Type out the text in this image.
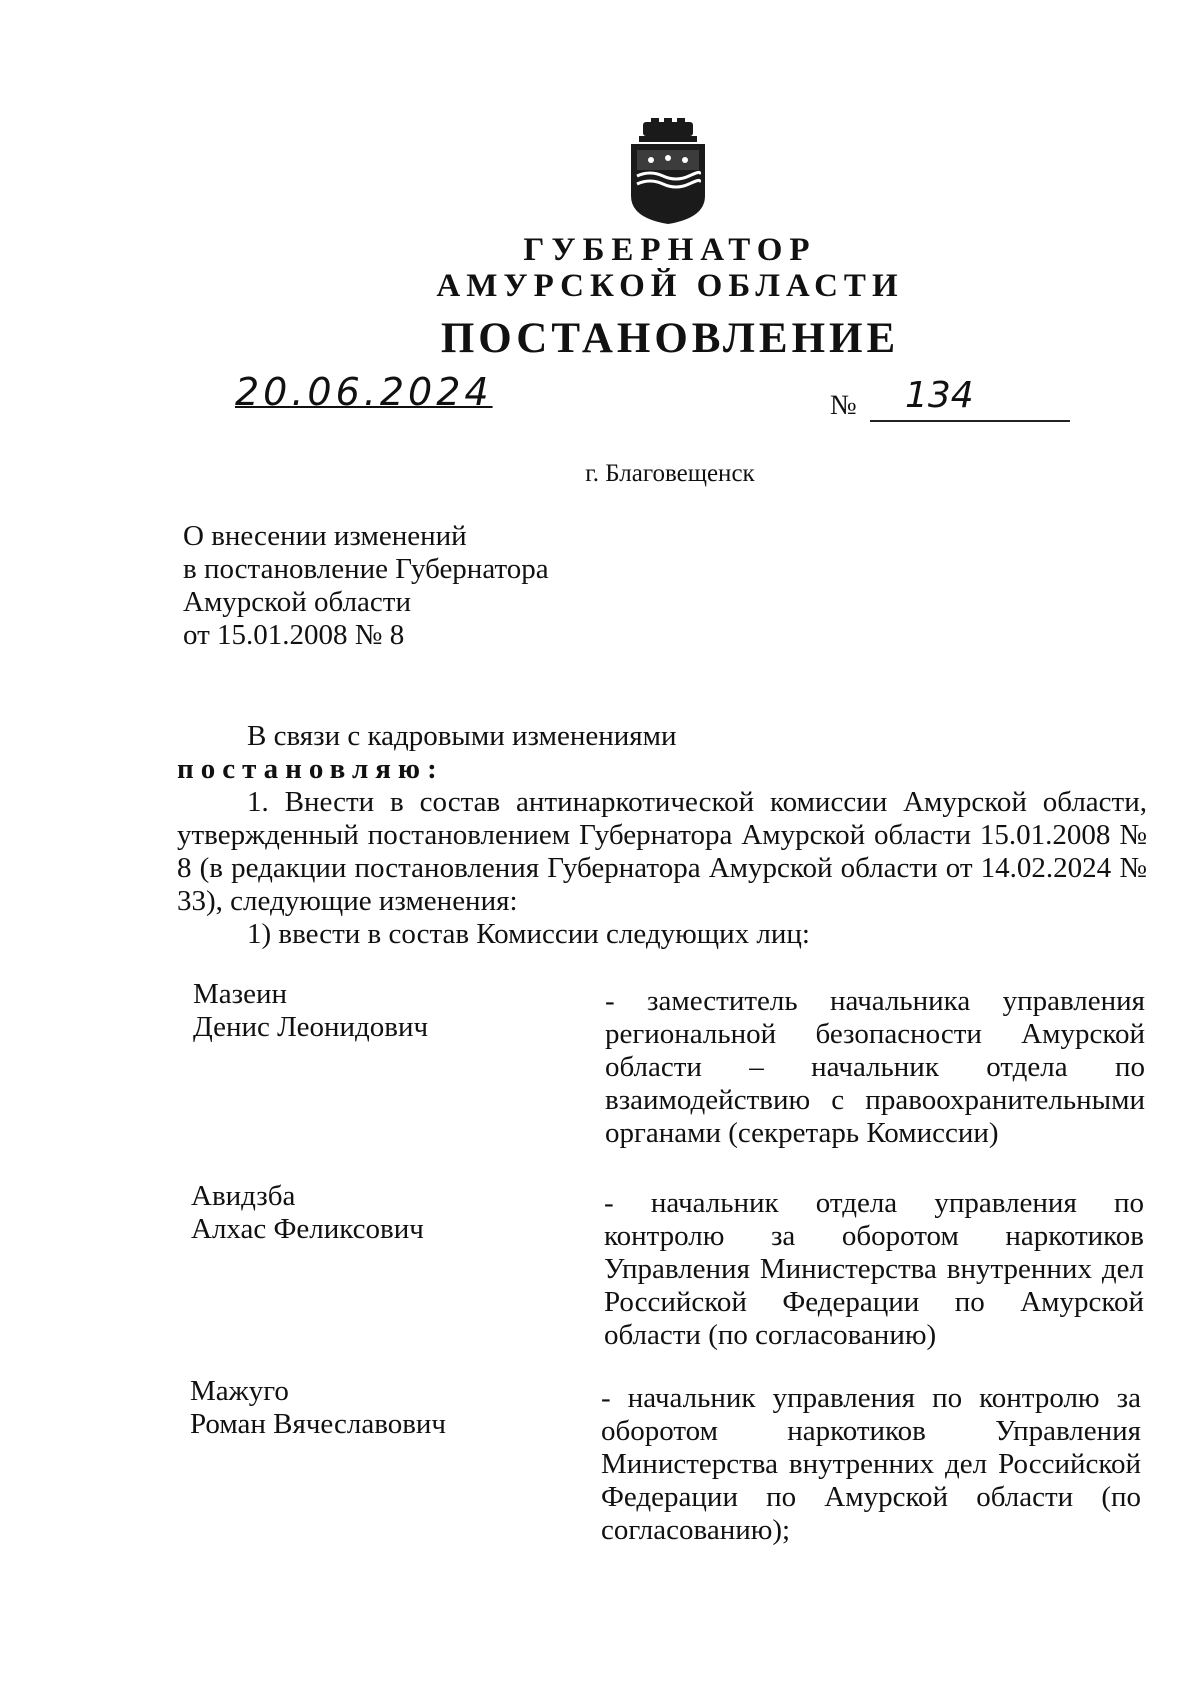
ГУБЕРНАТОР
АМУРСКОЙ ОБЛАСТИ
ПОСТАНОВЛЕНИЕ
20.06.2024	№ 134
г. Благовещенск
О внесении изменений
в постановление Губернатора
Амурской области
от 15.01.2008 № 8
В связи с кадровыми изменениями
постановляю:
1. Внести в состав антинаркотической комиссии Амурской области, утвержденный постановлением Губернатора Амурской области 15.01.2008 № 8 (в редакции постановления Губернатора Амурской области от 14.02.2024 № 33), следующие изменения:
1) ввести в состав Комиссии следующих лиц:
Мазеин
Денис Леонидович
- заместитель начальника управления региональной безопасности Амурской области – начальник отдела по взаимодействию с правоохранительными органами (секретарь Комиссии)
Авидзба
Алхас Феликсович
- начальник отдела управления по контролю за оборотом наркотиков Управления Министерства внутренних дел Российской Федерации по Амурской области (по согласованию)
Мажуго
Роман Вячеславович
- начальник управления по контролю за оборотом наркотиков Управления Министерства внутренних дел Российской Федерации по Амурской области (по согласованию);
